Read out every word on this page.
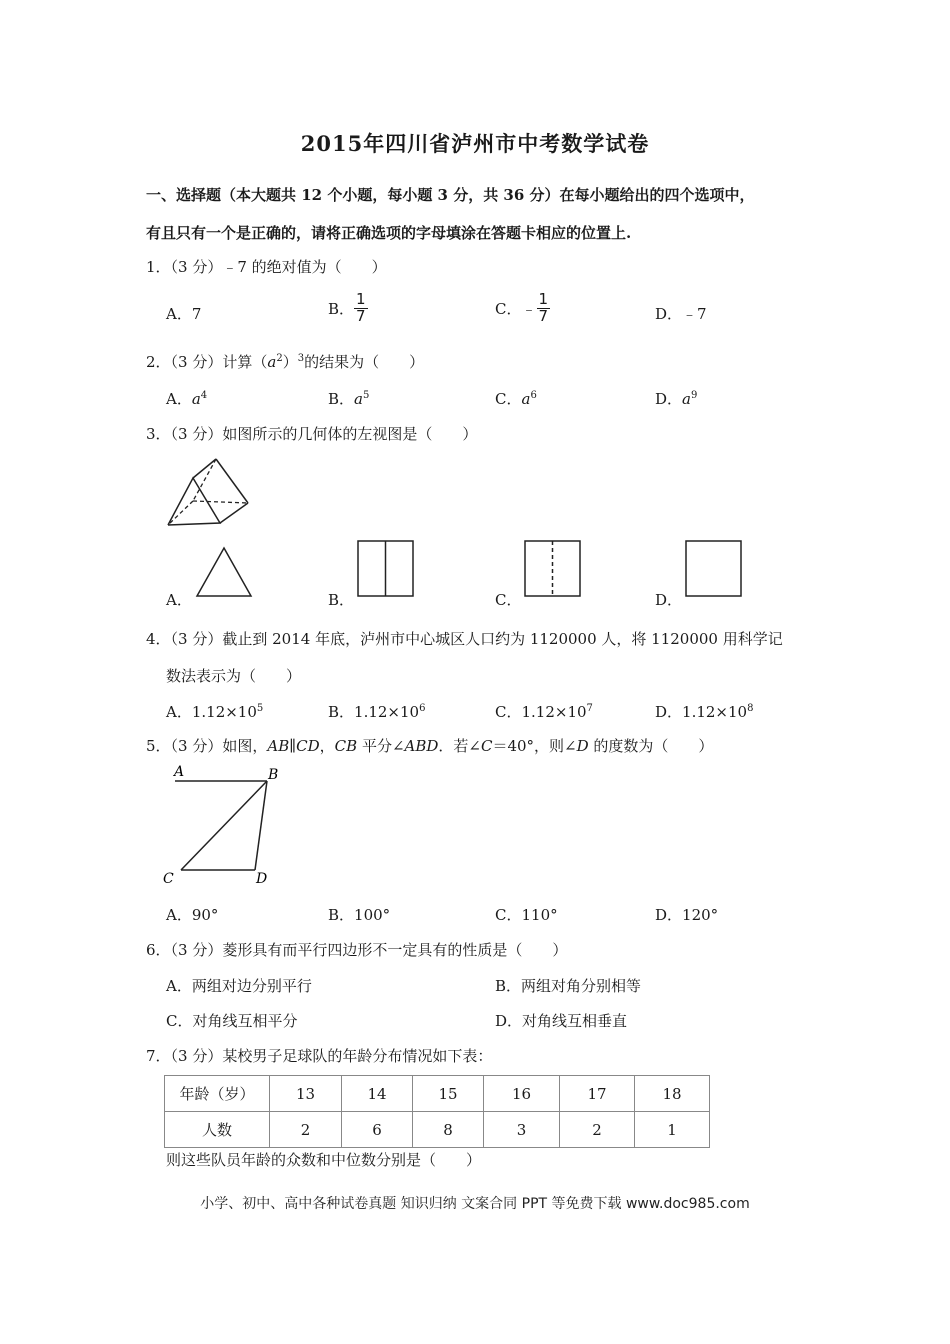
2015年四川省泸州市中考数学试卷
一、选择题（本大题共 12 个小题，每小题 3 分，共 36 分）在每小题给出的四个选项中，
有且只有一个是正确的，请将正确选项的字母填涂在答题卡相应的位置上.
1．（3 分）﹣7 的绝对值为（　　）
A．7	B． $\frac{1}{7}$	C．﹣ $\frac{1}{7}$	D．﹣7
2．（3 分）计算$(a^2)^3$的结果为（　　）
A．$a^4$	B．$a^5$	C．$a^6$	D．$a^9$
3．（3 分）如图所示的几何体的左视图是（　　）
A．	B．	C．	D．
4．（3 分）截止到 2014 年底，泸州市中心城区人口约为 1120000 人，将 1120000 用科学记
数法表示为（　　）
A．$1.12\times 10^5$	B．$1.12\times 10^6$	C．$1.12\times 10^7$	D．$1.12\times 10^8$
5．（3 分）如图，AB∥CD，CB 平分∠ABD．若∠C＝40°，则∠D 的度数为（　　）
A	B
C	D
A．90°	B．100°	C．110°	D．120°
6．（3 分）菱形具有而平行四边形不一定具有的性质是（　　）
A．两组对边分别平行	B．两组对角分别相等
C．对角线互相平分	D．对角线互相垂直
7．（3 分）某校男子足球队的年龄分布情况如下表：
年龄（岁）	13	14	15	16	17	18
人数	2	6	8	3	2	1
则这些队员年龄的众数和中位数分别是（　　）
小学、初中、高中各种试卷真题 知识归纳 文案合同 PPT 等免费下载 www.doc985.com
